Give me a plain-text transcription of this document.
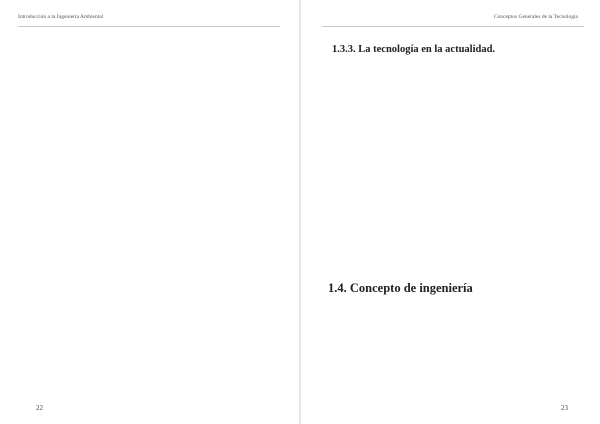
Introducción a la Ingeniería Ambiental
22
Conceptos Generales de la Tecnología
1.3.3. La tecnología en la actualidad.
1.4. Concepto de ingeniería
23
